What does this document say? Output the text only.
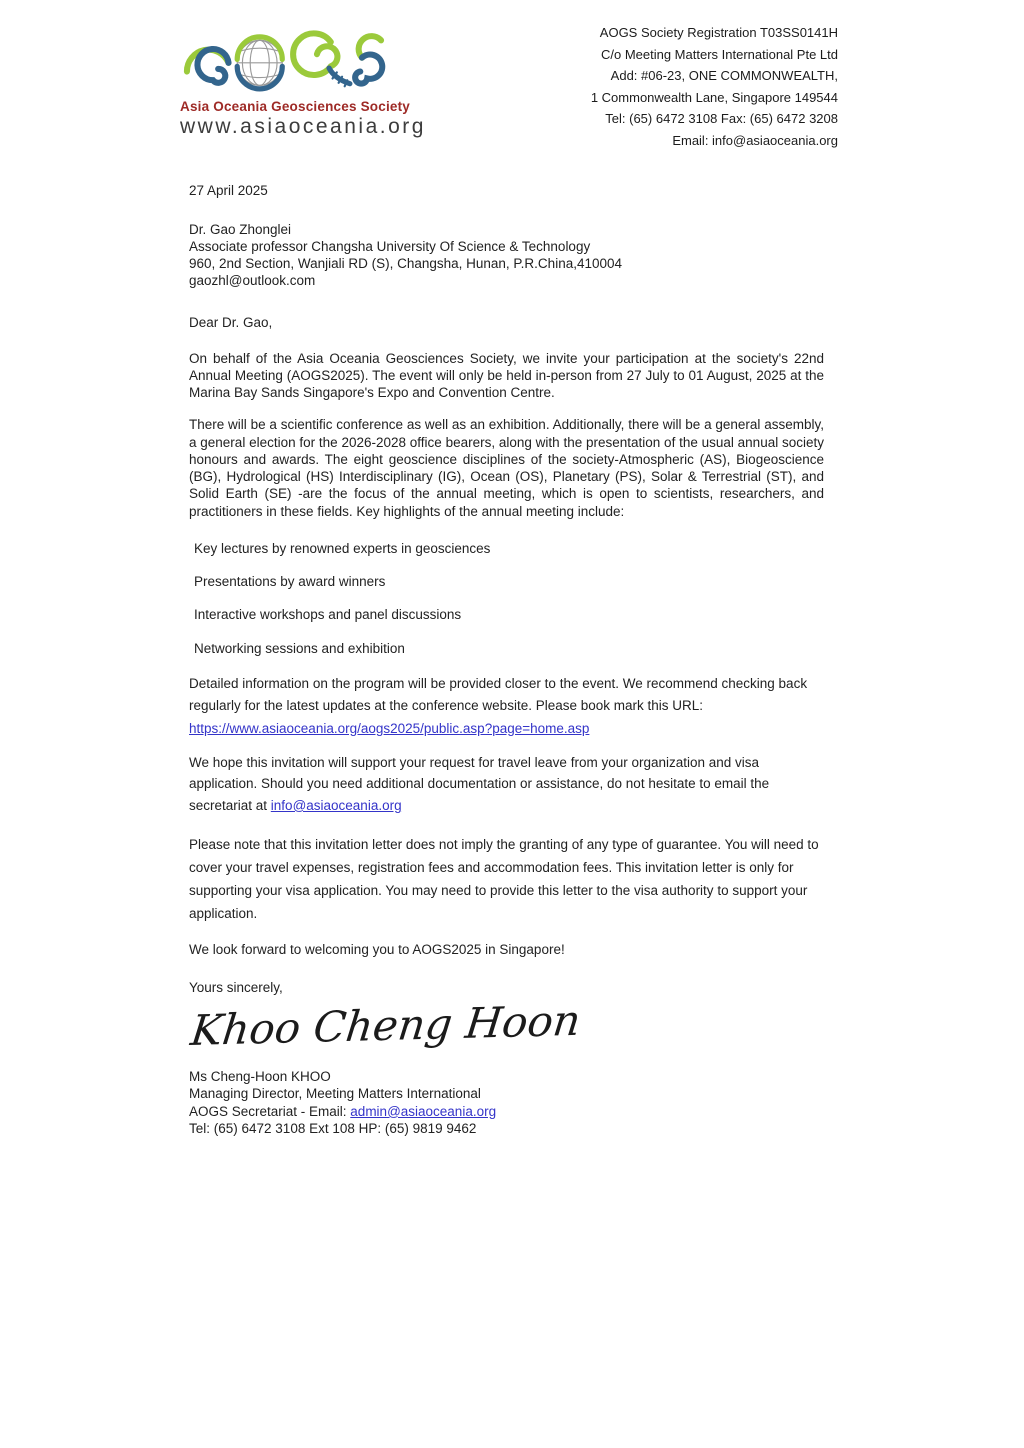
Asia Oceania Geosciences Society
www.asiaoceania.org
AOGS Society Registration T03SS0141H
C/o Meeting Matters International Pte Ltd
Add: #06-23, ONE COMMONWEALTH,
1 Commonwealth Lane, Singapore 149544
Tel: (65) 6472 3108 Fax: (65) 6472 3208
Email: info@asiaoceania.org
27 April 2025
Dr. Gao Zhonglei
Associate professor Changsha University Of Science & Technology
960, 2nd Section, Wanjiali RD (S), Changsha, Hunan, P.R.China,410004
gaozhl@outlook.com
Dear Dr. Gao,

On behalf of the Asia Oceania Geosciences Society, we invite your participation at the society's 22nd Annual Meeting (AOGS2025). The event will only be held in-person from 27 July to 01 August, 2025 at the Marina Bay Sands Singapore's Expo and Convention Centre.

There will be a scientific conference as well as an exhibition. Additionally, there will be a general assembly, a general election for the 2026-2028 office bearers, along with the presentation of the usual annual society honours and awards. The eight geoscience disciplines of the society-Atmospheric (AS), Biogeoscience (BG), Hydrological (HS) Interdisciplinary (IG), Ocean (OS), Planetary (PS), Solar & Terrestrial (ST), and Solid Earth (SE) -are the focus of the annual meeting, which is open to scientists, researchers, and practitioners in these fields. Key highlights of the annual meeting include:

Key lectures by renowned experts in geosciences
Presentations by award winners
Interactive workshops and panel discussions
Networking sessions and exhibition

Detailed information on the program will be provided closer to the event. We recommend checking back regularly for the latest updates at the conference website. Please book mark this URL:
https://www.asiaoceania.org/aogs2025/public.asp?page=home.asp

We hope this invitation will support your request for travel leave from your organization and visa application. Should you need additional documentation or assistance, do not hesitate to email the secretariat at info@asiaoceania.org

Please note that this invitation letter does not imply the granting of any type of guarantee. You will need to cover your travel expenses, registration fees and accommodation fees. This invitation letter is only for supporting your visa application. You may need to provide this letter to the visa authority to support your application.

We look forward to welcoming you to AOGS2025 in Singapore!
Yours sincerely,
Khoo Cheng Hoon
Ms Cheng-Hoon KHOO
Managing Director, Meeting Matters International
AOGS Secretariat - Email: admin@asiaoceania.org
Tel: (65) 6472 3108 Ext 108 HP: (65) 9819 9462
